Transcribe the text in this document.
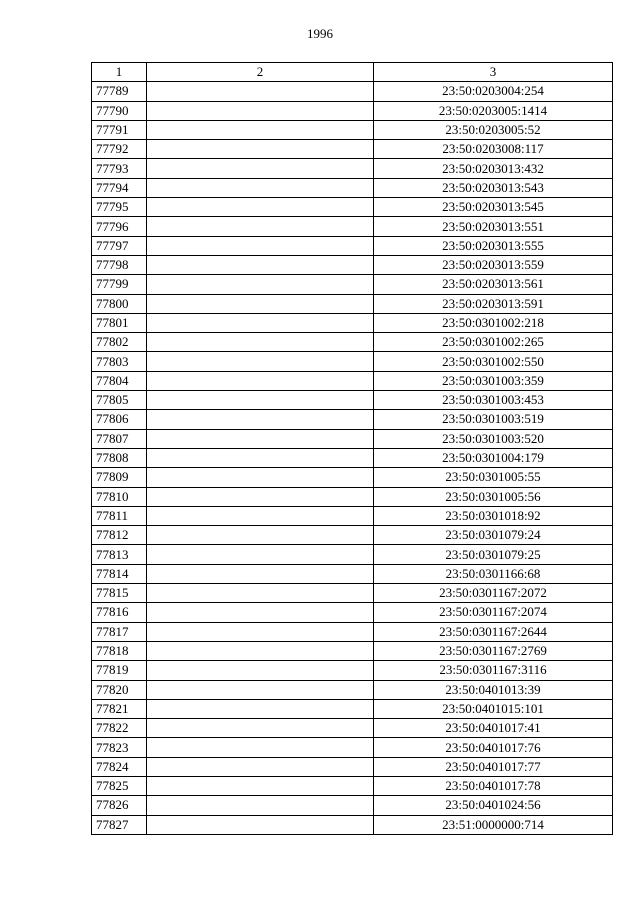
1996
1	2	3
77789		23:50:0203004:254
77790		23:50:0203005:1414
77791		23:50:0203005:52
77792		23:50:0203008:117
77793		23:50:0203013:432
77794		23:50:0203013:543
77795		23:50:0203013:545
77796		23:50:0203013:551
77797		23:50:0203013:555
77798		23:50:0203013:559
77799		23:50:0203013:561
77800		23:50:0203013:591
77801		23:50:0301002:218
77802		23:50:0301002:265
77803		23:50:0301002:550
77804		23:50:0301003:359
77805		23:50:0301003:453
77806		23:50:0301003:519
77807		23:50:0301003:520
77808		23:50:0301004:179
77809		23:50:0301005:55
77810		23:50:0301005:56
77811		23:50:0301018:92
77812		23:50:0301079:24
77813		23:50:0301079:25
77814		23:50:0301166:68
77815		23:50:0301167:2072
77816		23:50:0301167:2074
77817		23:50:0301167:2644
77818		23:50:0301167:2769
77819		23:50:0301167:3116
77820		23:50:0401013:39
77821		23:50:0401015:101
77822		23:50:0401017:41
77823		23:50:0401017:76
77824		23:50:0401017:77
77825		23:50:0401017:78
77826		23:50:0401024:56
77827		23:51:0000000:714
